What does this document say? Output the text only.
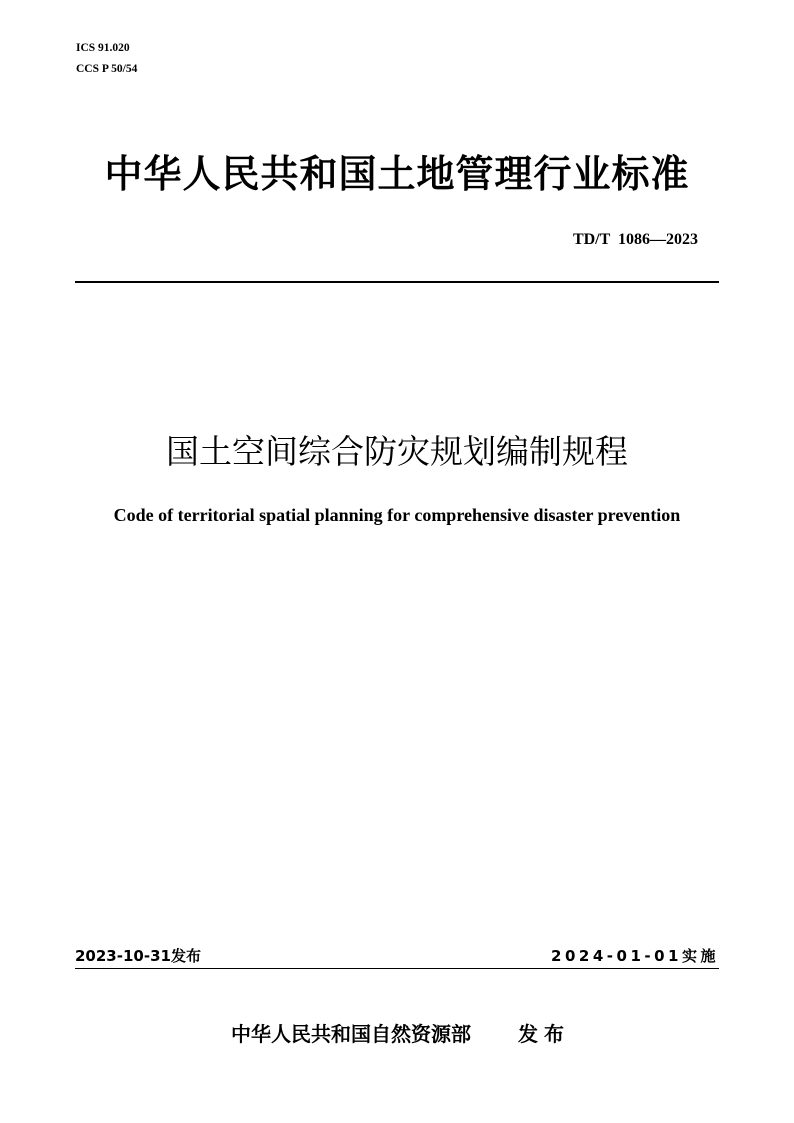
ICS 91.020
CCS P 50/54
中华人民共和国土地管理行业标准
TD/T  1086—2023
国土空间综合防灾规划编制规程
Code of territorial spatial planning for comprehensive disaster prevention
2023-10-31发布	2024-01-01实施
中华人民共和国自然资源部 发布
